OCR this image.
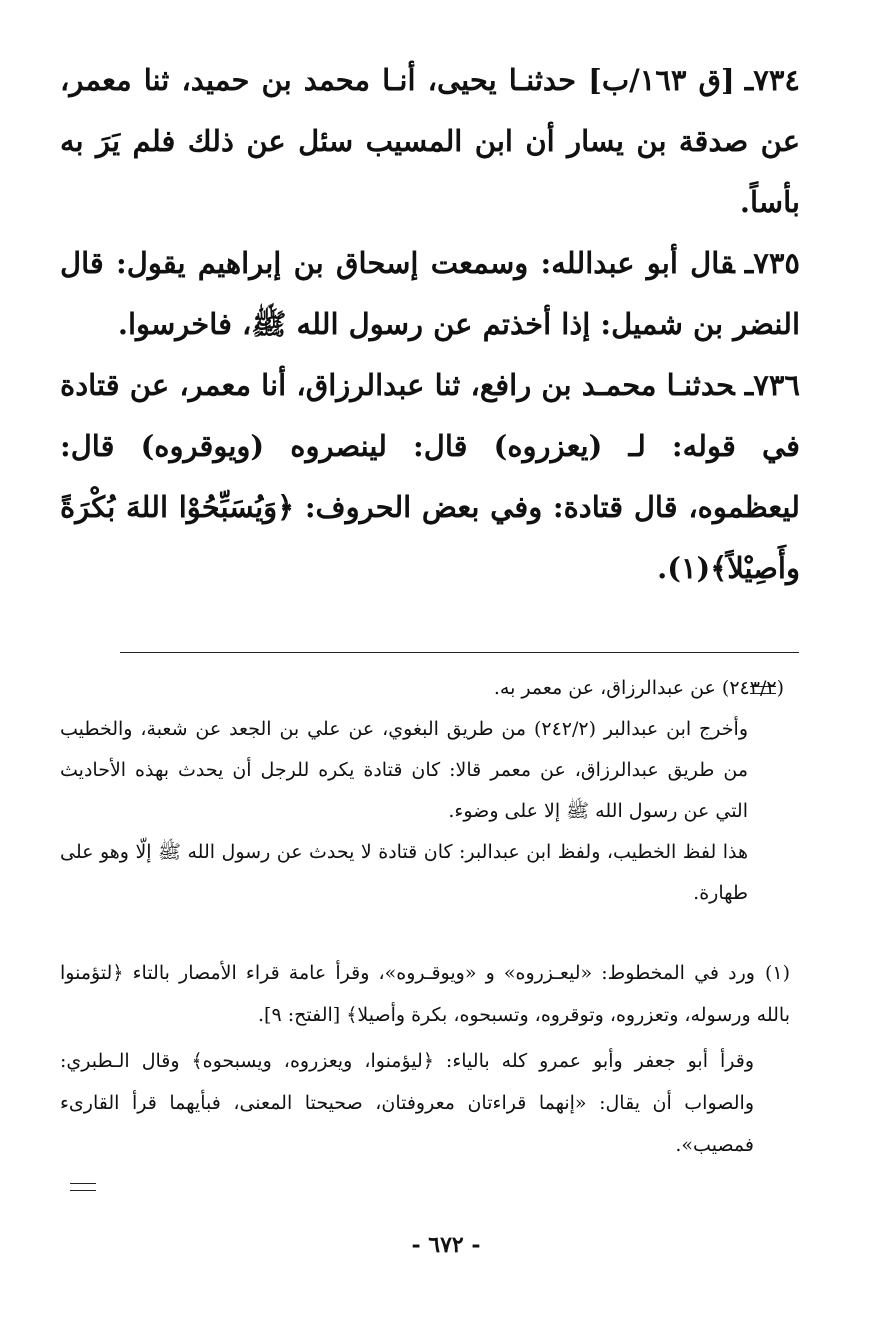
٧٣٤ـ[ق ١٦٣/ب] حدثنـا يحيى، أنـا محمد بن حميد، ثنا معمر، عن صدقة بن يسار أن ابن المسيب سئل عن ذلك فلم يَرَ به بأساً.
٧٣٥ـقال أبو عبدالله: وسمعت إسحاق بن إبراهيم يقول: قال النضر بن شميل: إذا أخذتم عن رسول الله ﷺ، فاخرسوا.
٧٣٦ـحدثنـا محمـد بن رافع، ثنا عبدالرزاق، أنا معمر، عن قتادة في قوله: لـ (يعزروه) قال: لينصروه (ويوقروه) قال: ليعظموه، قال قتادة: وفي بعض الحروف: ﴿وَيُسَبِّحُوْا اللهَ بُكْرَةً وأَصِيْلاً﴾(١).

(٢٤٣/٢) عن عبدالرزاق، عن معمر به.

وأخرج ابن عبدالبر (٢٤٢/٢) من طريق البغوي، عن علي بن الجعد عن شعبة، والخطيب من طريق عبدالرزاق، عن معمر قالا: كان قتادة يكره للرجل أن يحدث بهذه الأحاديث التي عن رسول الله ﷺ إلا على وضوء.

هذا لفظ الخطيب، ولفظ ابن عبدالبر: كان قتادة لا يحدث عن رسول الله ﷺ إلّا وهو على طهارة.

(١)ورد في المخطوط: «ليعـزروه» و «ويوقـروه»، وقرأ عامة قراء الأمصار بالتاء ﴿لتؤمنوا بالله ورسوله، وتعزروه، وتوقروه، وتسبحوه، بكرة وأصيلا﴾ [الفتح: ٩].

وقرأ أبو جعفر وأبو عمرو كله بالياء: ﴿ليؤمنوا، ويعزروه، ويسبحوه﴾ وقال الـطبري: والصواب أن يقال: «إنهما قراءتان معروفتان، صحيحتا المعنى، فبأيهما قرأ القارىء فمصيب».

- ٦٧٢ -
